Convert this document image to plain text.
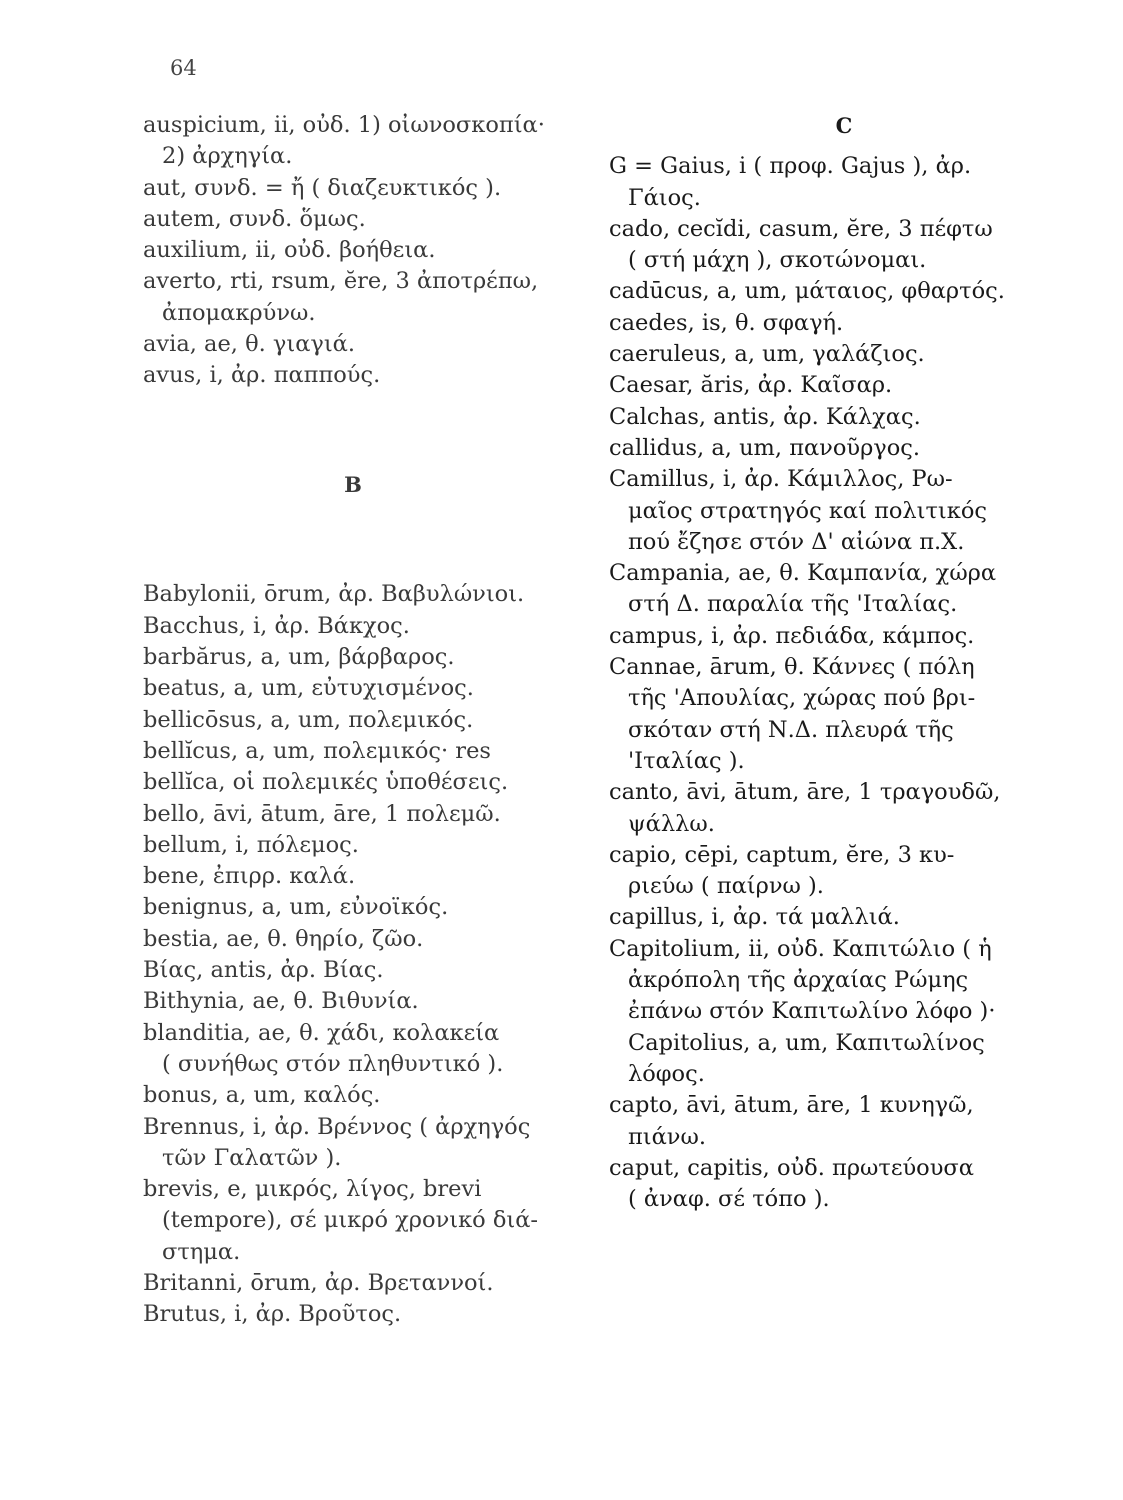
64
auspicium, ii, οὐδ. 1) οἰωνοσκοπία·
2) ἀρχηγία.
aut, συνδ. = ἤ ( διαζευκτικός ).
autem, συνδ. ὅμως.
auxilium, ii, οὐδ. βοήθεια.
averto, rti, rsum, ĕre, 3 ἀποτρέπω,
ἀπομακρύνω.
avia, ae, θ. γιαγιά.
avus, i, ἀρ. παππούς.
B
Babylonii, ōrum, ἀρ. Βαβυλώνιοι.
Bacchus, i, ἀρ. Βάκχος.
barbărus, a, um, βάρβαρος.
beatus, a, um, εὐτυχισμένος.
bellicōsus, a, um, πολεμικός.
bellĭcus, a, um, πολεμικός· res
bellĭca, οἱ πολεμικές ὑποθέσεις.
bello, āvi, ātum, āre, 1 πολεμῶ.
bellum, i, πόλεμος.
bene, ἐπιρρ. καλά.
benignus, a, um, εὐνοϊκός.
bestia, ae, θ. θηρίο, ζῶο.
Βίας, antis, ἀρ. Βίας.
Bithynia, ae, θ. Βιθυνία.
blanditia, ae, θ. χάδι, κολακεία
( συνήθως στόν πληθυντικό ).
bonus, a, um, καλός.
Brennus, i, ἀρ. Βρέννος ( ἀρχηγός
τῶν Γαλατῶν ).
brevis, e, μικρός, λίγος, brevi
(tempore), σέ μικρό χρονικό διά-
στημα.
Britanni, ōrum, ἀρ. Βρεταννοί.
Brutus, i, ἀρ. Βροῦτος.
C
G = Gaius, i ( προφ. Gajus ), ἀρ.
Γάιος.
cado, cecĭdi, casum, ĕre, 3 πέφτω
( στή μάχη ), σκοτώνομαι.
cadūcus, a, um, μάταιος, φθαρτός.
caedes, is, θ. σφαγή.
caeruleus, a, um, γαλάζιος.
Caesar, ăris, ἀρ. Καῖσαρ.
Calchas, antis, ἀρ. Κάλχας.
callidus, a, um, πανοῦργος.
Camillus, i, ἀρ. Κάμιλλος, Ρω-
μαῖος στρατηγός καί πολιτικός
πού ἔζησε στόν Δ' αἰώνα π.Χ.
Campania, ae, θ. Καμπανία, χώρα
στή Δ. παραλία τῆς 'Ιταλίας.
campus, i, ἀρ. πεδιάδα, κάμπος.
Cannae, ārum, θ. Κάννες ( πόλη
τῆς 'Απουλίας, χώρας πού βρι-
σκόταν στή Ν.Δ. πλευρά τῆς
'Ιταλίας ).
canto, āvi, ātum, āre, 1 τραγουδῶ,
ψάλλω.
capio, cēpi, captum, ĕre, 3 κυ-
ριεύω ( παίρνω ).
capillus, i, ἀρ. τά μαλλιά.
Capitolium, ii, οὐδ. Καπιτώλιο ( ἡ
ἀκρόπολη τῆς ἀρχαίας Ρώμης
ἐπάνω στόν Καπιτωλίνο λόφο )·
Capitolius, a, um, Καπιτωλίνος
λόφος.
capto, āvi, ātum, āre, 1 κυνηγῶ,
πιάνω.
caput, capitis, οὐδ. πρωτεύουσα
( ἀναφ. σέ τόπο ).
